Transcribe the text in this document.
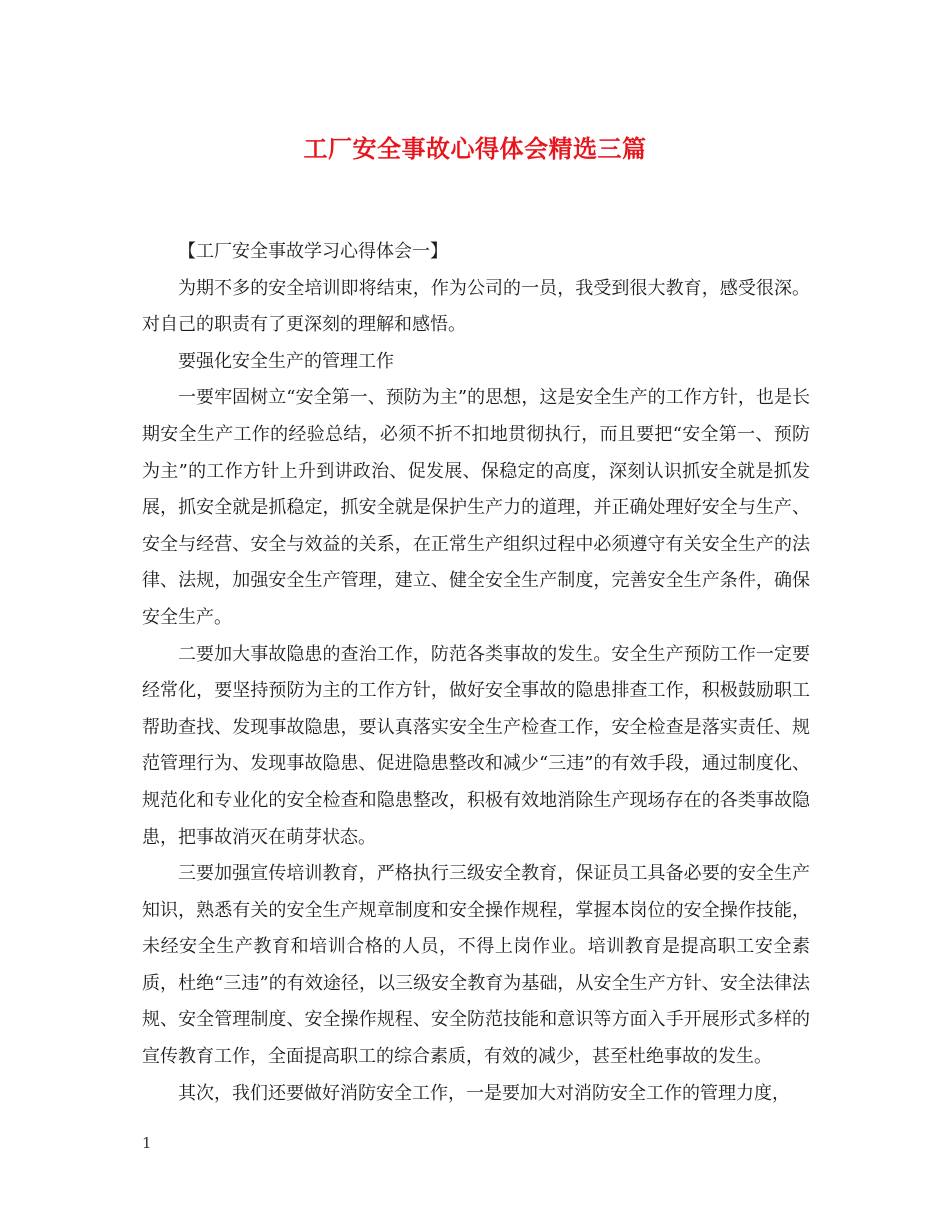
工厂安全事故心得体会精选三篇

【工厂安全事故学习心得体会一】

为期不多的安全培训即将结束，作为公司的一员，我受到很大教育，感受很深。对自己的职责有了更深刻的理解和感悟。

要强化安全生产的管理工作

一要牢固树立“安全第一、预防为主”的思想，这是安全生产的工作方针，也是长期安全生产工作的经验总结，必须不折不扣地贯彻执行，而且要把“安全第一、预防为主”的工作方针上升到讲政治、促发展、保稳定的高度，深刻认识抓安全就是抓发展，抓安全就是抓稳定，抓安全就是保护生产力的道理，并正确处理好安全与生产、安全与经营、安全与效益的关系，在正常生产组织过程中必须遵守有关安全生产的法律、法规，加强安全生产管理，建立、健全安全生产制度，完善安全生产条件，确保安全生产。

二要加大事故隐患的查治工作，防范各类事故的发生。安全生产预防工作一定要经常化，要坚持预防为主的工作方针，做好安全事故的隐患排查工作，积极鼓励职工帮助查找、发现事故隐患，要认真落实安全生产检查工作，安全检查是落实责任、规范管理行为、发现事故隐患、促进隐患整改和减少“三违”的有效手段，通过制度化、规范化和专业化的安全检查和隐患整改，积极有效地消除生产现场存在的各类事故隐患，把事故消灭在萌芽状态。

三要加强宣传培训教育，严格执行三级安全教育，保证员工具备必要的安全生产知识，熟悉有关的安全生产规章制度和安全操作规程，掌握本岗位的安全操作技能，未经安全生产教育和培训合格的人员，不得上岗作业。培训教育是提高职工安全素质，杜绝“三违”的有效途径，以三级安全教育为基础，从安全生产方针、安全法律法规、安全管理制度、安全操作规程、安全防范技能和意识等方面入手开展形式多样的宣传教育工作，全面提高职工的综合素质，有效的减少，甚至杜绝事故的发生。

其次，我们还要做好消防安全工作，一是要加大对消防安全工作的管理力度，

1
